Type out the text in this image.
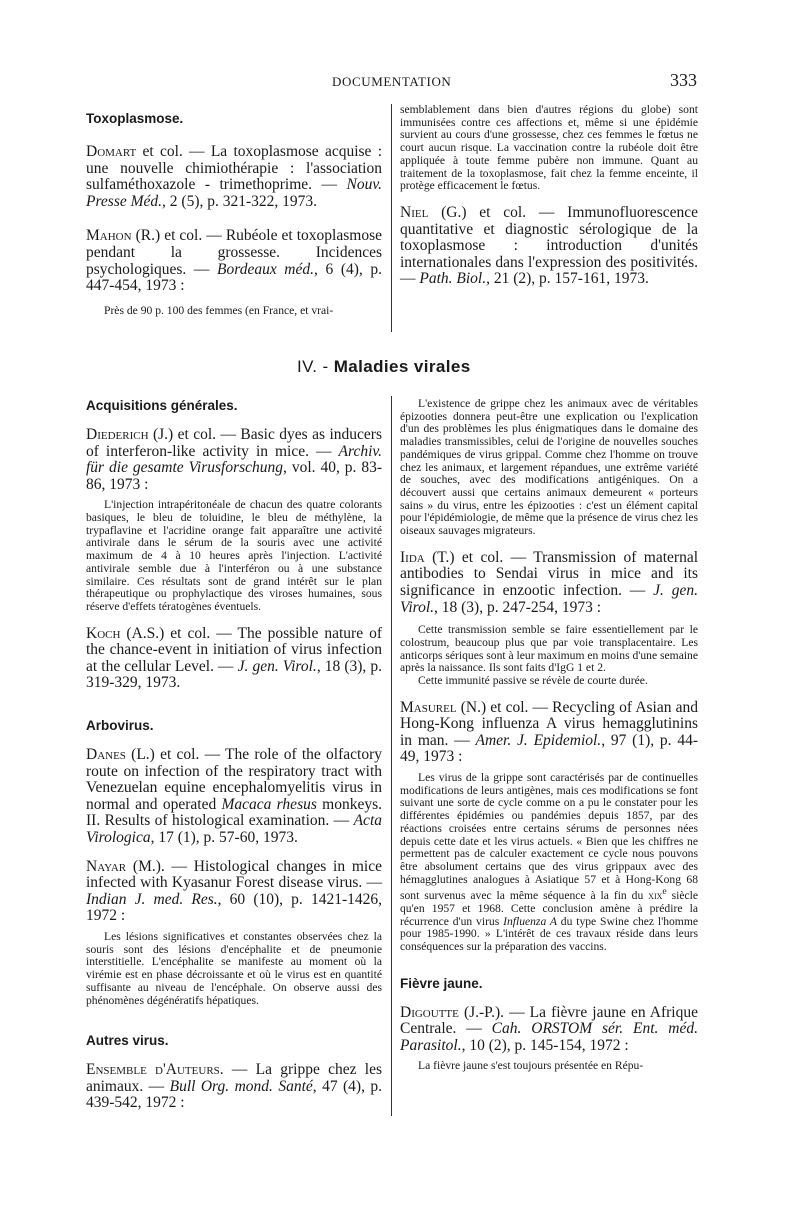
DOCUMENTATION	333

Toxoplasmose.

Domart et col. — La toxoplasmose acquise : une nouvelle chimiothérapie : l'association sulfaméthoxazole - trimethoprime. — Nouv. Presse Méd., 2 (5), p. 321-322, 1973.

Mahon (R.) et col. — Rubéole et toxoplasmose pendant la grossesse. Incidences psychologiques. — Bordeaux méd., 6 (4), p. 447-454, 1973 :

Près de 90 p. 100 des femmes (en France, et vrai-

semblablement dans bien d'autres régions du globe) sont immunisées contre ces affections et, même si une épidémie survient au cours d'une grossesse, chez ces femmes le fœtus ne court aucun risque. La vaccination contre la rubéole doit être appliquée à toute femme pubère non immune. Quant au traitement de la toxoplasmose, fait chez la femme enceinte, il protège efficacement le fœtus.

Niel (G.) et col. — Immunofluorescence quantitative et diagnostic sérologique de la toxoplasmose : introduction d'unités internationales dans l'expression des positivités. — Path. Biol., 21 (2), p. 157-161, 1973.

IV. - Maladies virales

Acquisitions générales.

Diederich (J.) et col. — Basic dyes as inducers of interferon-like activity in mice. — Archiv. für die gesamte Virusforschung, vol. 40, p. 83-86, 1973 :

L'injection intrapéritonéale de chacun des quatre colorants basiques, le bleu de toluidine, le bleu de méthylène, la trypaflavine et l'acridine orange fait apparaître une activité antivirale dans le sérum de la souris avec une activité maximum de 4 à 10 heures après l'injection. L'activité antivirale semble due à l'interféron ou à une substance similaire. Ces résultats sont de grand intérêt sur le plan thérapeutique ou prophylactique des viroses humaines, sous réserve d'effets tératogènes éventuels.

Koch (A.S.) et col. — The possible nature of the chance-event in initiation of virus infection at the cellular Level. — J. gen. Virol., 18 (3), p. 319-329, 1973.

Arbovirus.

Danes (L.) et col. — The role of the olfactory route on infection of the respiratory tract with Venezuelan equine encephalomyelitis virus in normal and operated Macaca rhesus monkeys. II. Results of histological examination. — Acta Virologica, 17 (1), p. 57-60, 1973.

Nayar (M.). — Histological changes in mice infected with Kyasanur Forest disease virus. — Indian J. med. Res., 60 (10), p. 1421-1426, 1972 :

Les lésions significatives et constantes observées chez la souris sont des lésions d'encéphalite et de pneumonie interstitielle. L'encéphalite se manifeste au moment où la virémie est en phase décroissante et où le virus est en quantité suffisante au niveau de l'encéphale. On observe aussi des phénomènes dégénératifs hépatiques.

Autres virus.

Ensemble d'Auteurs. — La grippe chez les animaux. — Bull Org. mond. Santé, 47 (4), p. 439-542, 1972 :

L'existence de grippe chez les animaux avec de véritables épizooties donnera peut-être une explication ou l'explication d'un des problèmes les plus énigmatiques dans le domaine des maladies transmissibles, celui de l'origine de nouvelles souches pandémiques de virus grippal. Comme chez l'homme on trouve chez les animaux, et largement répandues, une extrême variété de souches, avec des modifications antigéniques. On a découvert aussi que certains animaux demeurent « porteurs sains » du virus, entre les épizooties : c'est un élément capital pour l'épidémiologie, de même que la présence de virus chez les oiseaux sauvages migrateurs.

Iida (T.) et col. — Transmission of maternal antibodies to Sendai virus in mice and its significance in enzootic infection. — J. gen. Virol., 18 (3), p. 247-254, 1973 :

Cette transmission semble se faire essentiellement par le colostrum, beaucoup plus que par voie transplacentaire. Les anticorps sériques sont à leur maximum en moins d'une semaine après la naissance. Ils sont faits d'IgG 1 et 2.

Cette immunité passive se révèle de courte durée.

Masurel (N.) et col. — Recycling of Asian and Hong-Kong influenza A virus hemagglutinins in man. — Amer. J. Epidemiol., 97 (1), p. 44-49, 1973 :

Les virus de la grippe sont caractérisés par de continuelles modifications de leurs antigènes, mais ces modifications se font suivant une sorte de cycle comme on a pu le constater pour les différentes épidémies ou pandémies depuis 1857, par des réactions croisées entre certains sérums de personnes nées depuis cette date et les virus actuels. « Bien que les chiffres ne permettent pas de calculer exactement ce cycle nous pouvons être absolument certains que des virus grippaux avec des hémagglutines analogues à Asiatique 57 et à Hong-Kong 68 sont survenus avec la même séquence à la fin du xix$^e$ siècle qu'en 1957 et 1968. Cette conclusion amène à prédire la récurrence d'un virus Influenza A du type Swine chez l'homme pour 1985-1990. » L'intérêt de ces travaux réside dans leurs conséquences sur la préparation des vaccins.

Fièvre jaune.

Digoutte (J.-P.). — La fièvre jaune en Afrique Centrale. — Cah. ORSTOM sér. Ent. méd. Parasitol., 10 (2), p. 145-154, 1972 :

La fièvre jaune s'est toujours présentée en Répu-
